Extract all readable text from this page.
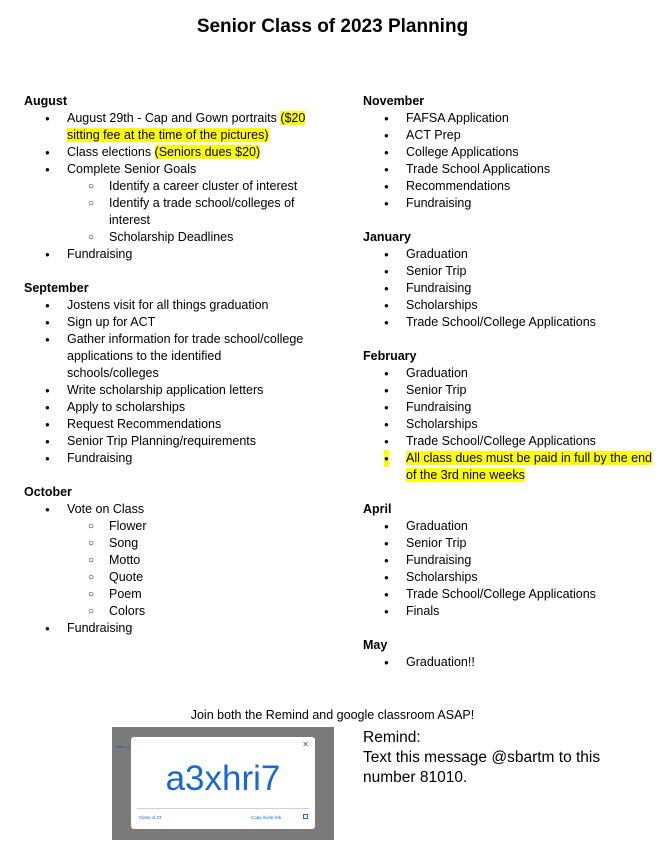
Senior Class of 2023 Planning
August
● August 29th - Cap and Gown portraits ($20 sitting fee at the time of the pictures)
● Class elections (Seniors dues $20)
● Complete Senior Goals
○ Identify a career cluster of interest
○ Identify a trade school/colleges of interest
○ Scholarship Deadlines
● Fundraising
September
● Jostens visit for all things graduation
● Sign up for ACT
● Gather information for trade school/college applications to the identified schools/colleges
● Write scholarship application letters
● Apply to scholarships
● Request Recommendations
● Senior Trip Planning/requirements
● Fundraising
October
● Vote on Class
○ Flower
○ Song
○ Motto
○ Quote
○ Poem
○ Colors
● Fundraising
November
● FAFSA Application
● ACT Prep
● College Applications
● Trade School Applications
● Recommendations
● Fundraising
January
● Graduation
● Senior Trip
● Fundraising
● Scholarships
● Trade School/College Applications
February
● Graduation
● Senior Trip
● Fundraising
● Scholarships
● Trade School/College Applications
● All class dues must be paid in full by the end of the 3rd nine weeks
April
● Graduation
● Senior Trip
● Fundraising
● Scholarships
● Trade School/College Applications
● Finals
May
● Graduation!!
Join both the Remind and google classroom ASAP!
Class of	✕
a3xhri7
Class of 23	Copy invite link
Remind:
Text this message @sbartm to this number 81010.
